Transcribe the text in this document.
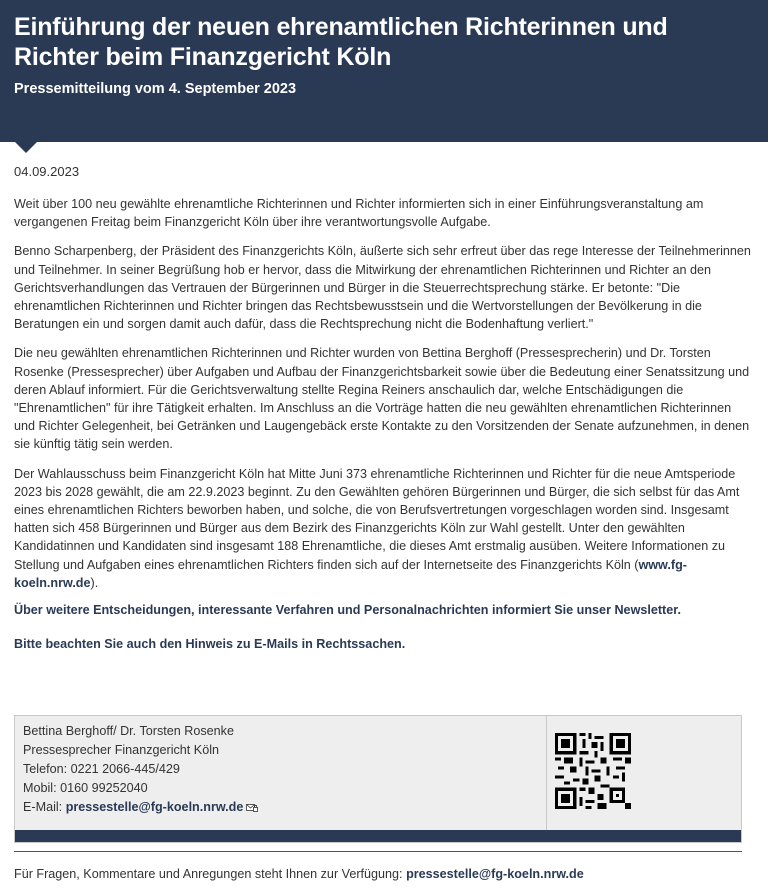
Einführung der neuen ehrenamtlichen Richterinnen und Richter beim Finanzgericht Köln
Pressemitteilung vom 4. September 2023
04.09.2023

Weit über 100 neu gewählte ehrenamtliche Richterinnen und Richter informierten sich in einer Einführungsveranstaltung am vergangenen Freitag beim Finanzgericht Köln über ihre verantwortungsvolle Aufgabe.

Benno Scharpenberg, der Präsident des Finanzgerichts Köln, äußerte sich sehr erfreut über das rege Interesse der Teilnehmerinnen und Teilnehmer. In seiner Begrüßung hob er hervor, dass die Mitwirkung der ehrenamtlichen Richterinnen und Richter an den Gerichtsverhandlungen das Vertrauen der Bürgerinnen und Bürger in die Steuerrechtsprechung stärke. Er betonte: "Die ehrenamtlichen Richterinnen und Richter bringen das Rechtsbewusstsein und die Wertvorstellungen der Bevölkerung in die Beratungen ein und sorgen damit auch dafür, dass die Rechtsprechung nicht die Bodenhaftung verliert."

Die neu gewählten ehrenamtlichen Richterinnen und Richter wurden von Bettina Berghoff (Pressesprecherin) und Dr. Torsten Rosenke (Pressesprecher) über Aufgaben und Aufbau der Finanzgerichtsbarkeit sowie über die Bedeutung einer Senatssitzung und deren Ablauf informiert. Für die Gerichtsverwaltung stellte Regina Reiners anschaulich dar, welche Entschädigungen die "Ehrenamtlichen" für ihre Tätigkeit erhalten. Im Anschluss an die Vorträge hatten die neu gewählten ehrenamtlichen Richterinnen und Richter Gelegenheit, bei Getränken und Laugengebäck erste Kontakte zu den Vorsitzenden der Senate aufzunehmen, in denen sie künftig tätig sein werden.

Der Wahlausschuss beim Finanzgericht Köln hat Mitte Juni 373 ehrenamtliche Richterinnen und Richter für die neue Amtsperiode 2023 bis 2028 gewählt, die am 22.9.2023 beginnt. Zu den Gewählten gehören Bürgerinnen und Bürger, die sich selbst für das Amt eines ehrenamtlichen Richters beworben haben, und solche, die von Berufsvertretungen vorgeschlagen worden sind. Insgesamt hatten sich 458 Bürgerinnen und Bürger aus dem Bezirk des Finanzgerichts Köln zur Wahl gestellt. Unter den gewählten Kandidatinnen und Kandidaten sind insgesamt 188 Ehrenamtliche, die dieses Amt erstmalig ausüben. Weitere Informationen zu Stellung und Aufgaben eines ehrenamtlichen Richters finden sich auf der Internetseite des Finanzgerichts Köln (www.fg-koeln.nrw.de).

Über weitere Entscheidungen, interessante Verfahren und Personalnachrichten informiert Sie unser Newsletter.

Bitte beachten Sie auch den Hinweis zu E-Mails in Rechtssachen.

Bettina Berghoff/ Dr. Torsten Rosenke
Pressesprecher Finanzgericht Köln
Telefon: 0221 2066-445/429
Mobil: 0160 99252040
E-Mail: pressestelle@fg-koeln.nrw.de
Für Fragen, Kommentare und Anregungen steht Ihnen zur Verfügung: pressestelle@fg-koeln.nrw.de
